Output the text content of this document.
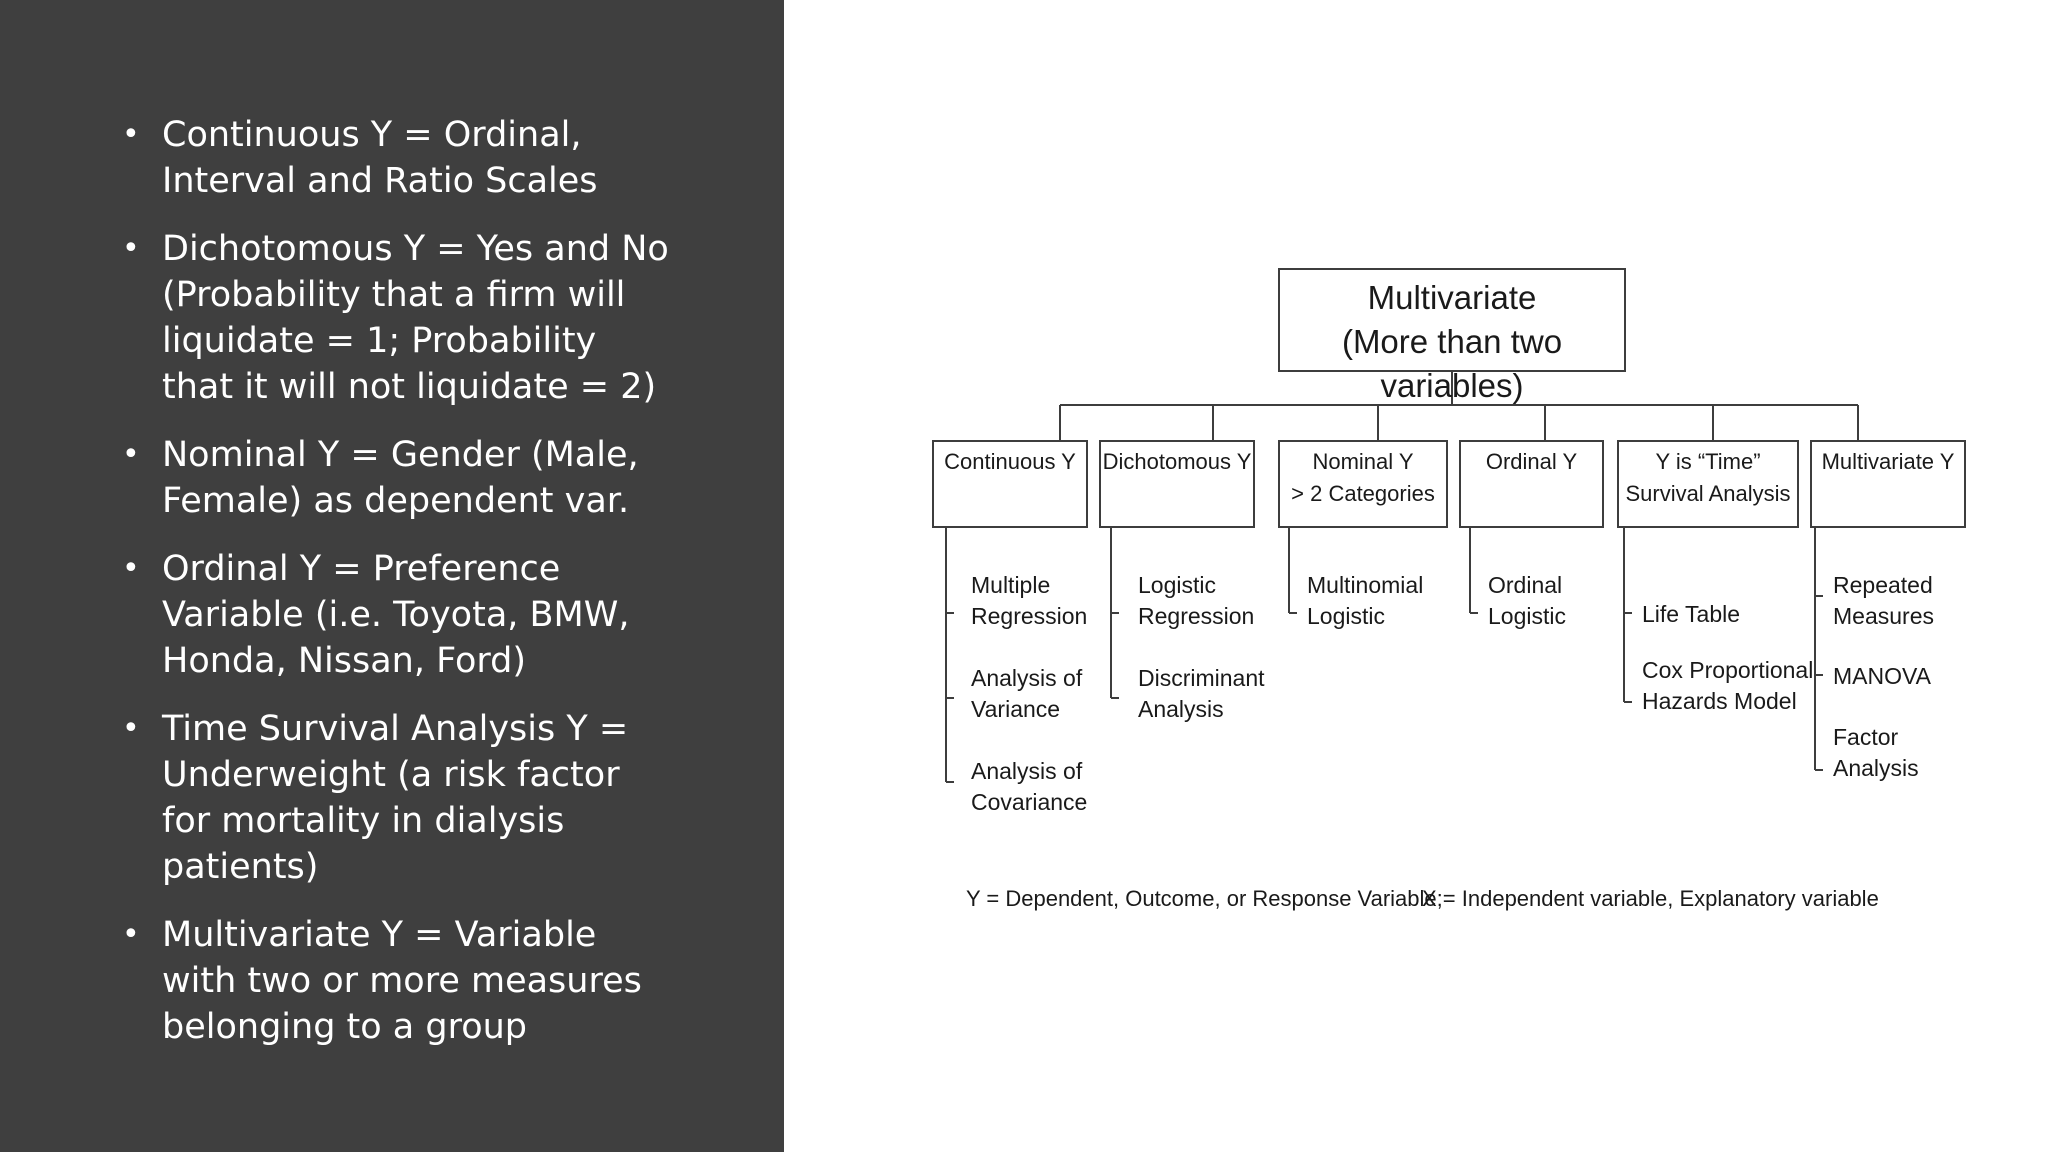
• Continuous Y = Ordinal,
Interval and Ratio Scales
• Dichotomous Y = Yes and No
(Probability that a firm will
liquidate = 1; Probability
that it will not liquidate = 2)
• Nominal Y = Gender (Male,
Female) as dependent var.
• Ordinal Y = Preference
Variable (i.e. Toyota, BMW,
Honda, Nissan, Ford)
• Time Survival Analysis Y =
Underweight (a risk factor
for mortality in dialysis
patients)
• Multivariate Y = Variable
with two or more measures
belonging to a group
Multivariate
(More than two variables)
Continuous Y	Dichotomous Y	Nominal Y
> 2 Categories
Ordinal Y	Y is “Time”
Survival Analysis
Multivariate Y
Multiple
Regression
Analysis of
Variance
Analysis of
Covariance
Logistic
Regression
Discriminant
Analysis
Multinomial
Logistic
Ordinal
Logistic	Life Table
Cox Proportional
Hazards Model
Repeated
Measures
MANOVA
Factor
Analysis
Y = Dependent, Outcome, or Response Variable;
X = Independent variable, Explanatory variable
